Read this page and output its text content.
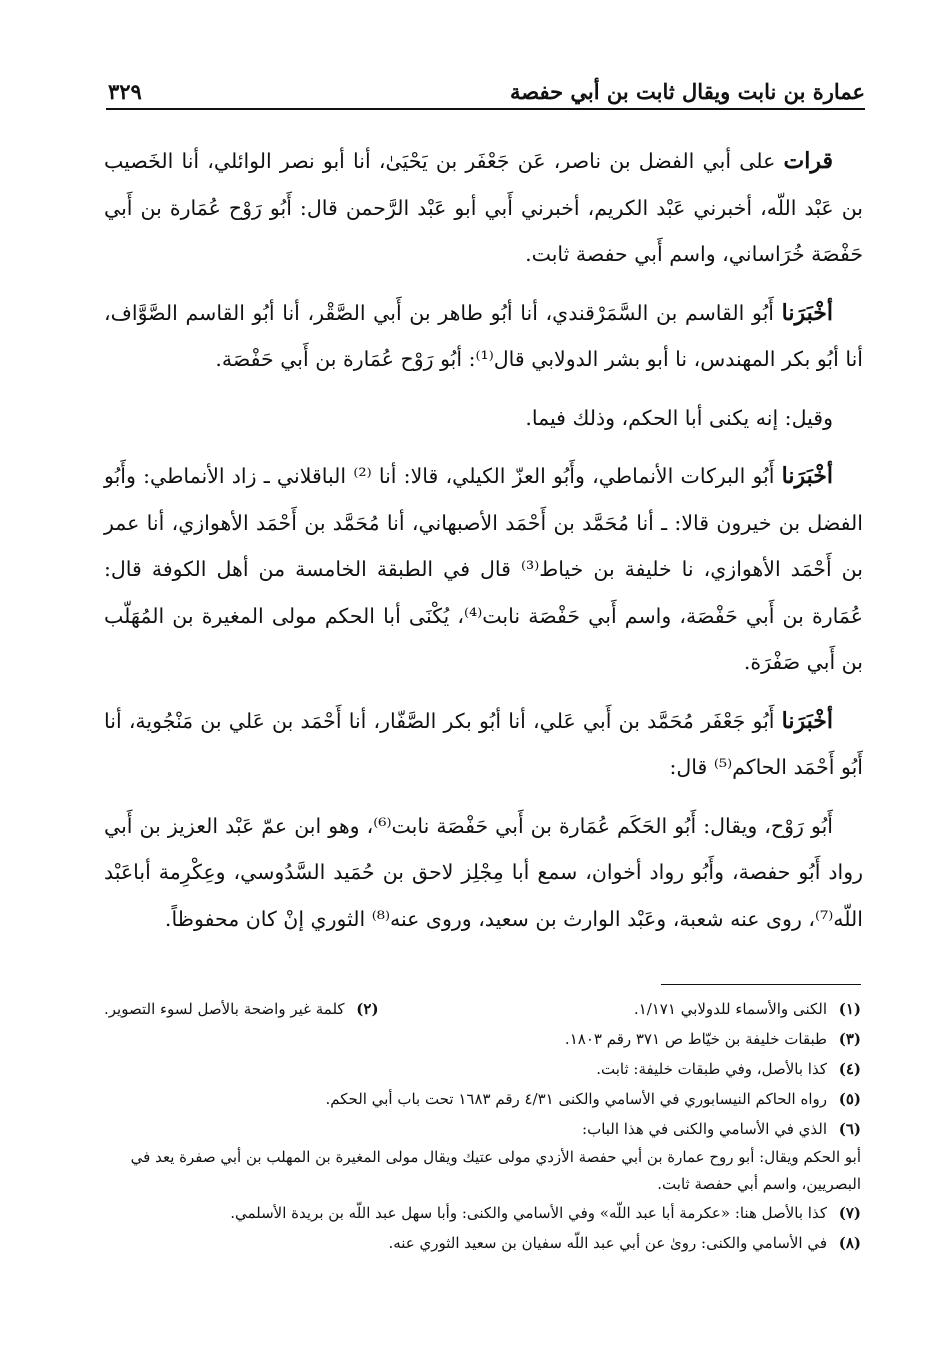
عمارة بن نابت ويقال ثابت بن أبي حفصة
٣٢٩

قرات على أبي الفضل بن ناصر، عَن جَعْفَر بن يَحْيَىٰ، أنا أبو نصر الوائلي، أنا الخَصيب بن عَبْد اللّه، أخبرني عَبْد الكريم، أخبرني أَبي أبو عَبْد الرَّحمن قال: أَبُو رَوْح عُمَارة بن أَبي حَفْصَة خُرَاساني، واسم أَبي حفصة ثابت.

أخْبَرَنا أَبُو القاسم بن السَّمَرْقندي، أنا أبُو طاهر بن أَبي الصَّقْر، أنا أبُو القاسم الصَّوَّاف، أنا أبُو بكر المهندس، نا أبو بشر الدولابي قال⁽¹⁾: أبُو رَوْح عُمَارة بن أَبي حَفْصَة.

وقيل: إنه يكنى أبا الحكم، وذلك فيما.

أخْبَرَنا أَبُو البركات الأنماطي، وأَبُو العزّ الكيلي، قالا: أنا ⁽²⁾ الباقلاني ـ زاد الأنماطي: وأَبُو الفضل بن خيرون قالا: ـ أنا مُحَمَّد بن أَحْمَد الأصبهاني، أنا مُحَمَّد بن أَحْمَد الأهوازي، أنا عمر بن أَحْمَد الأهوازي، نا خليفة بن خياط⁽³⁾ قال في الطبقة الخامسة من أهل الكوفة قال: عُمَارة بن أَبي حَفْصَة، واسم أَبي حَفْصَة نابت⁽⁴⁾، يُكْنَى أبا الحكم مولى المغيرة بن المُهَلّب بن أَبي صَفْرَة.

أخْبَرَنا أَبُو جَعْفَر مُحَمَّد بن أَبي عَلي، أنا أبُو بكر الصَّفّار، أنا أَحْمَد بن عَلي بن مَنْجُوية، أنا أَبُو أَحْمَد الحاكم⁽⁵⁾ قال:

أَبُو رَوْح، ويقال: أَبُو الحَكَم عُمَارة بن أَبي حَفْصَة نابت⁽⁶⁾، وهو ابن عمّ عَبْد العزيز بن أَبي رواد أَبُو حفصة، وأَبُو رواد أخوان، سمع أبا مِجْلِز لاحق بن حُمَيد السَّدُوسي، وعِكْرِمة أباعَبْد اللّه⁽⁷⁾، روى عنه شعبة، وعَبْد الوارث بن سعيد، وروى عنه⁽⁸⁾ الثوري إنْ كان محفوظاً.

(١)
الكنى والأسماء للدولابي ١/١٧١.
(٢)
كلمة غير واضحة بالأصل لسوء التصوير.
(٣)
طبقات خليفة بن خيّاط ص ٣٧١ رقم ١٨٠٣.
(٤)
كذا بالأصل، وفي طبقات خليفة: ثابت.
(٥)
رواه الحاكم النيسابوري في الأسامي والكنى ٤/٣١ رقم ١٦٨٣ تحت باب أبي الحكم.
(٦)
الذي في الأسامي والكنى في هذا الباب:
أبو الحكم ويقال: أبو روح عمارة بن أبي حفصة الأزدي مولى عتيك ويقال مولى المغيرة بن المهلب بن أبي صفرة يعد في البصريين، واسم أبي حفصة ثابت.
(٧)
كذا بالأصل هنا: «عكرمة أبا عبد اللّه» وفي الأسامي والكنى: وأبا سهل عبد اللّه بن بريدة الأسلمي.
(٨)
في الأسامي والكنى: روىٰ عن أبي عبد اللّه سفيان بن سعيد الثوري عنه.
